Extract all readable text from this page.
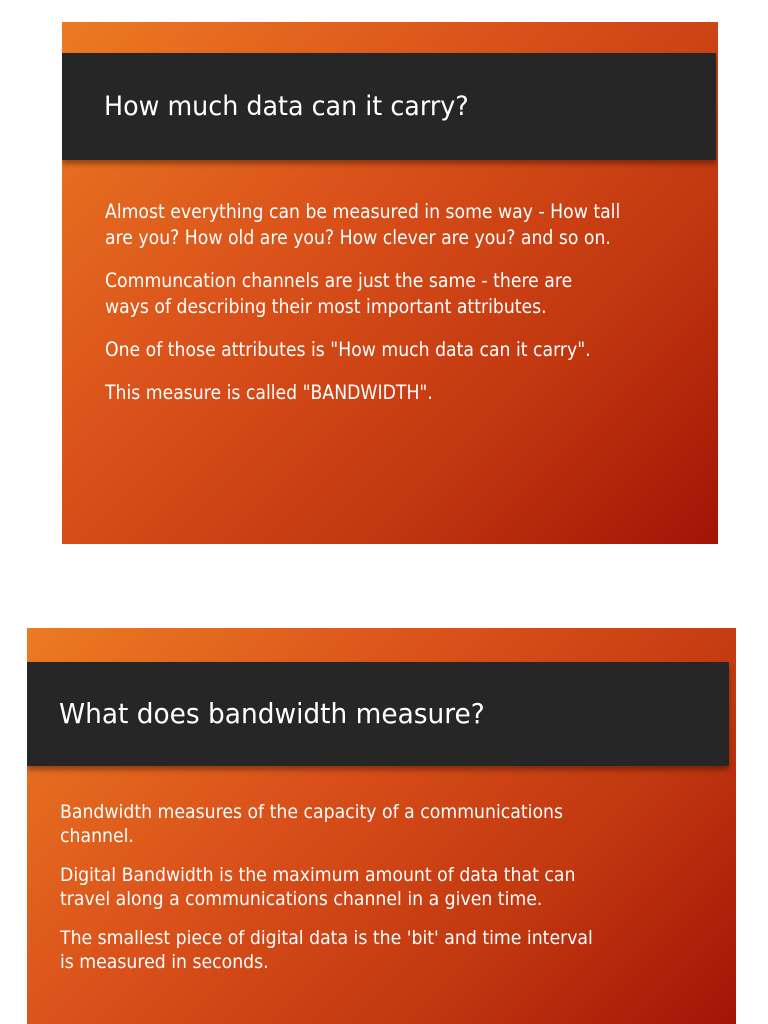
How much data can it carry?

Almost everything can be measured in some way - How tall
are you? How old are you? How clever are you? and so on.

Communcation channels are just the same - there are
ways of describing their most important attributes.

One of those attributes is "How much data can it carry".

This measure is called "BANDWIDTH".

What does bandwidth measure?

Bandwidth measures of the capacity of a communications
channel.

Digital Bandwidth is the maximum amount of data that can
travel along a communications channel in a given time.

The smallest piece of digital data is the 'bit' and time interval
is measured in seconds.
